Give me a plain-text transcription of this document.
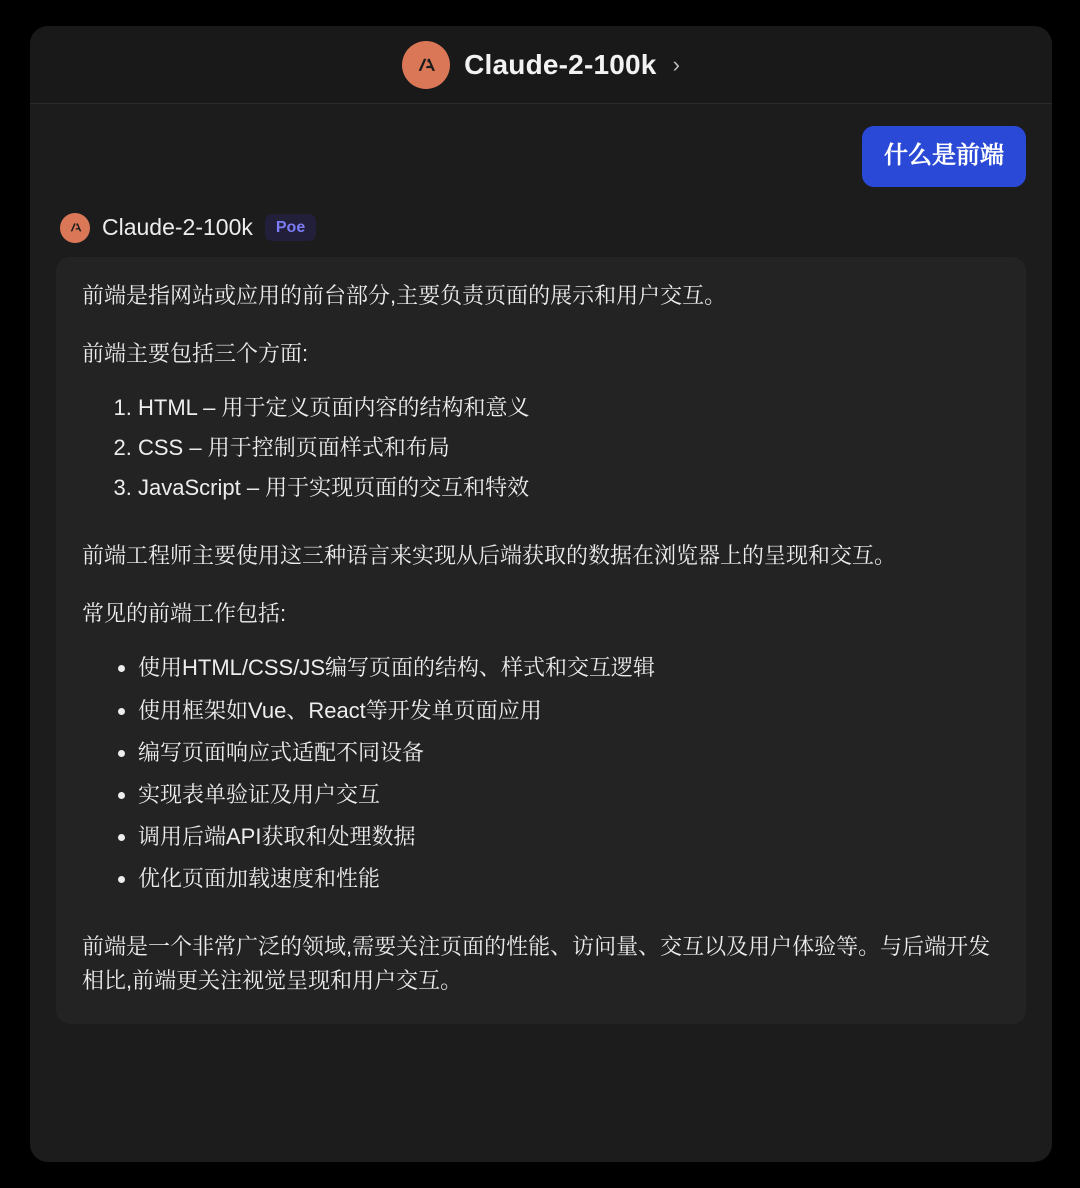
Claude-2-100k ›
什么是前端
Claude-2-100k	Poe

前端是指网站或应用的前台部分,主要负责页面的展示和用户交互。

前端主要包括三个方面:

1. HTML – 用于定义页面内容的结构和意义
2. CSS – 用于控制页面样式和布局
3. JavaScript – 用于实现页面的交互和特效

前端工程师主要使用这三种语言来实现从后端获取的数据在浏览器上的呈现和交互。

常见的前端工作包括:

• 使用HTML/CSS/JS编写页面的结构、样式和交互逻辑
• 使用框架如Vue、React等开发单页面应用
• 编写页面响应式适配不同设备
• 实现表单验证及用户交互
• 调用后端API获取和处理数据
• 优化页面加载速度和性能

前端是一个非常广泛的领域,需要关注页面的性能、访问量、交互以及用户体验等。与后端开发相比,前端更关注视觉呈现和用户交互。
